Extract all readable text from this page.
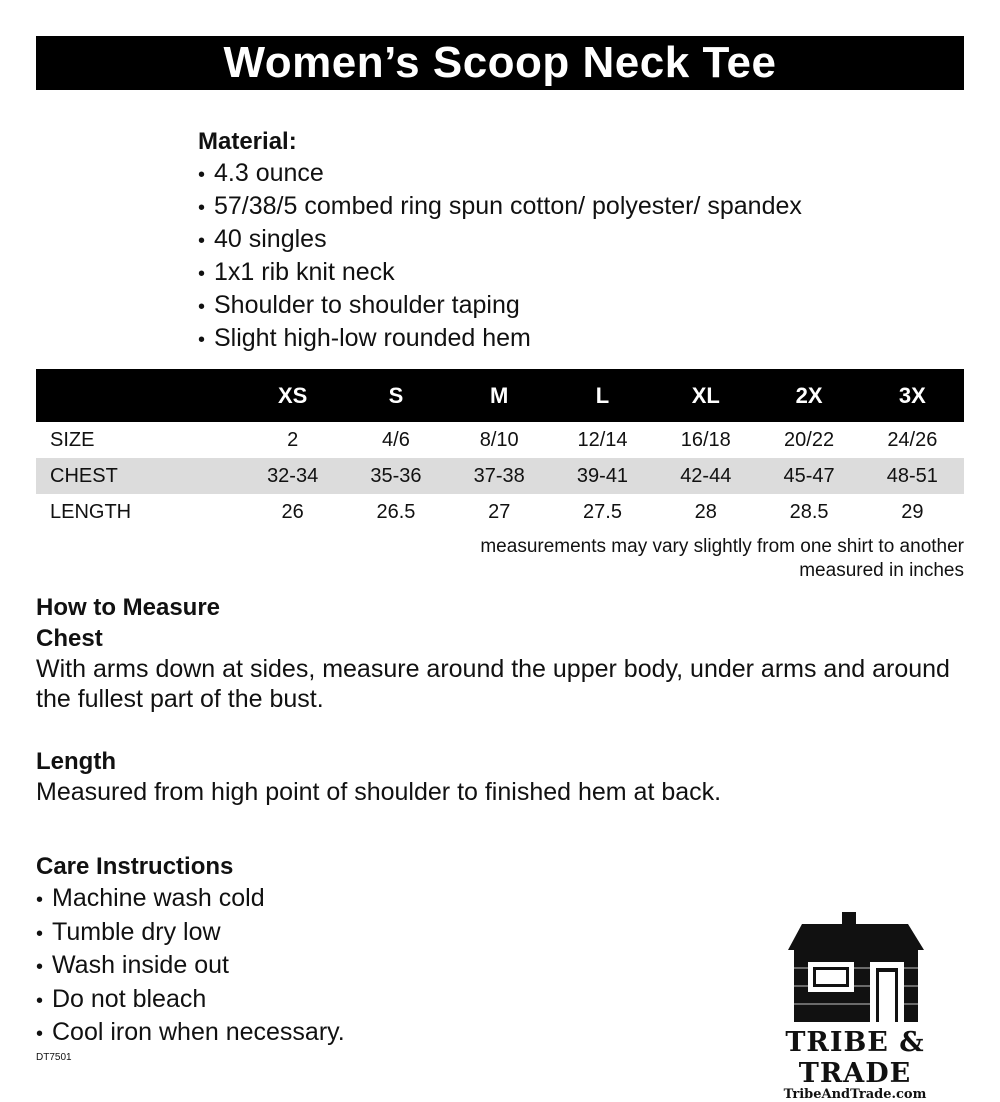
Women’s Scoop Neck Tee
Material:
• 4.3 ounce
• 57/38/5 combed ring spun cotton/ polyester/ spandex
• 40 singles
• 1x1 rib knit neck
• Shoulder to shoulder taping
• Slight high-low rounded hem
	XS	S	M	L	XL	2X	3X
SIZE	2	4/6	8/10	12/14	16/18	20/22	24/26
CHEST	32-34	35-36	37-38	39-41	42-44	45-47	48-51
LENGTH	26	26.5	27	27.5	28	28.5	29
measurements may vary slightly from one shirt to another
measured in inches
How to Measure
Chest

With arms down at sides, measure around the upper body, under arms and around the fullest part of the bust.

Length

Measured from high point of shoulder to finished hem at back.

Care Instructions
• Machine wash cold
• Tumble dry low
• Wash inside out
• Do not bleach
• Cool iron when necessary.
DT7501	TRIBE & TRADE
TribeAndTrade.com
